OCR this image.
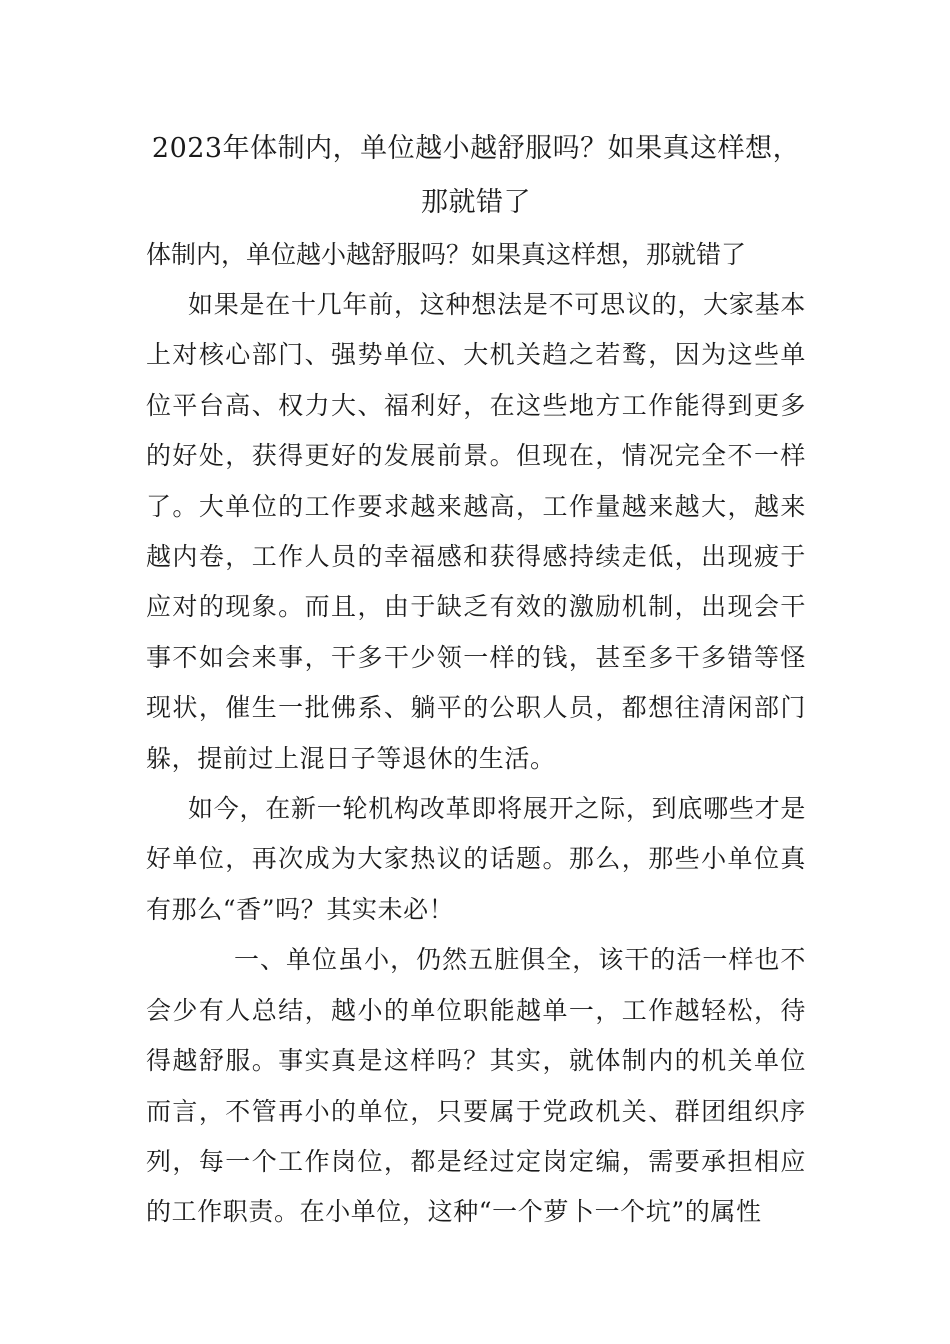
2023年体制内，单位越小越舒服吗？如果真这样想，那就错了

体制内，单位越小越舒服吗？如果真这样想，那就错了

如果是在十几年前，这种想法是不可思议的，大家基本上对核心部门、强势单位、大机关趋之若鹜，因为这些单位平台高、权力大、福利好，在这些地方工作能得到更多的好处，获得更好的发展前景。但现在，情况完全不一样了。大单位的工作要求越来越高，工作量越来越大，越来越内卷，工作人员的幸福感和获得感持续走低，出现疲于应对的现象。而且，由于缺乏有效的激励机制，出现会干事不如会来事，干多干少领一样的钱，甚至多干多错等怪现状，催生一批佛系、躺平的公职人员，都想往清闲部门躲，提前过上混日子等退休的生活。

如今，在新一轮机构改革即将展开之际，到底哪些才是好单位，再次成为大家热议的话题。那么，那些小单位真有那么“香”吗？其实未必！

一、单位虽小，仍然五脏俱全，该干的活一样也不会少有人总结，越小的单位职能越单一，工作越轻松，待得越舒服。事实真是这样吗？其实，就体制内的机关单位而言，不管再小的单位，只要属于党政机关、群团组织序列，每一个工作岗位，都是经过定岗定编，需要承担相应的工作职责。在小单位，这种“一个萝卜一个坑”的属性
